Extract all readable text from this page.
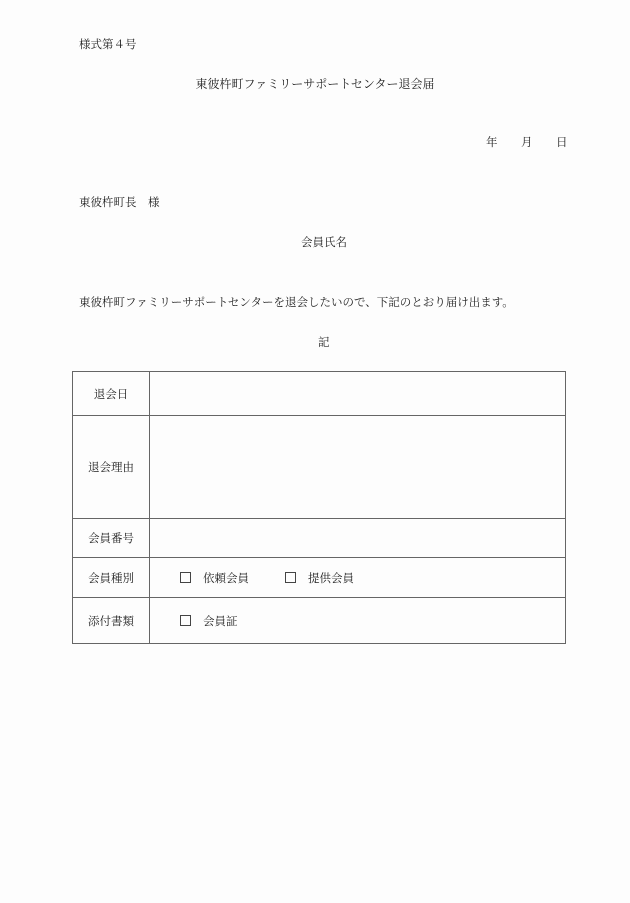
様式第４号
東彼杵町ファミリーサポートセンター退会届
年 月 日
東彼杵町長　様
会員氏名
東彼杵町ファミリーサポートセンターを退会したいので、下記のとおり届け出ます。
記
退会日	
退会理由	
会員番号	
会員種別	依頼会員 提供会員
添付書類	会員証
